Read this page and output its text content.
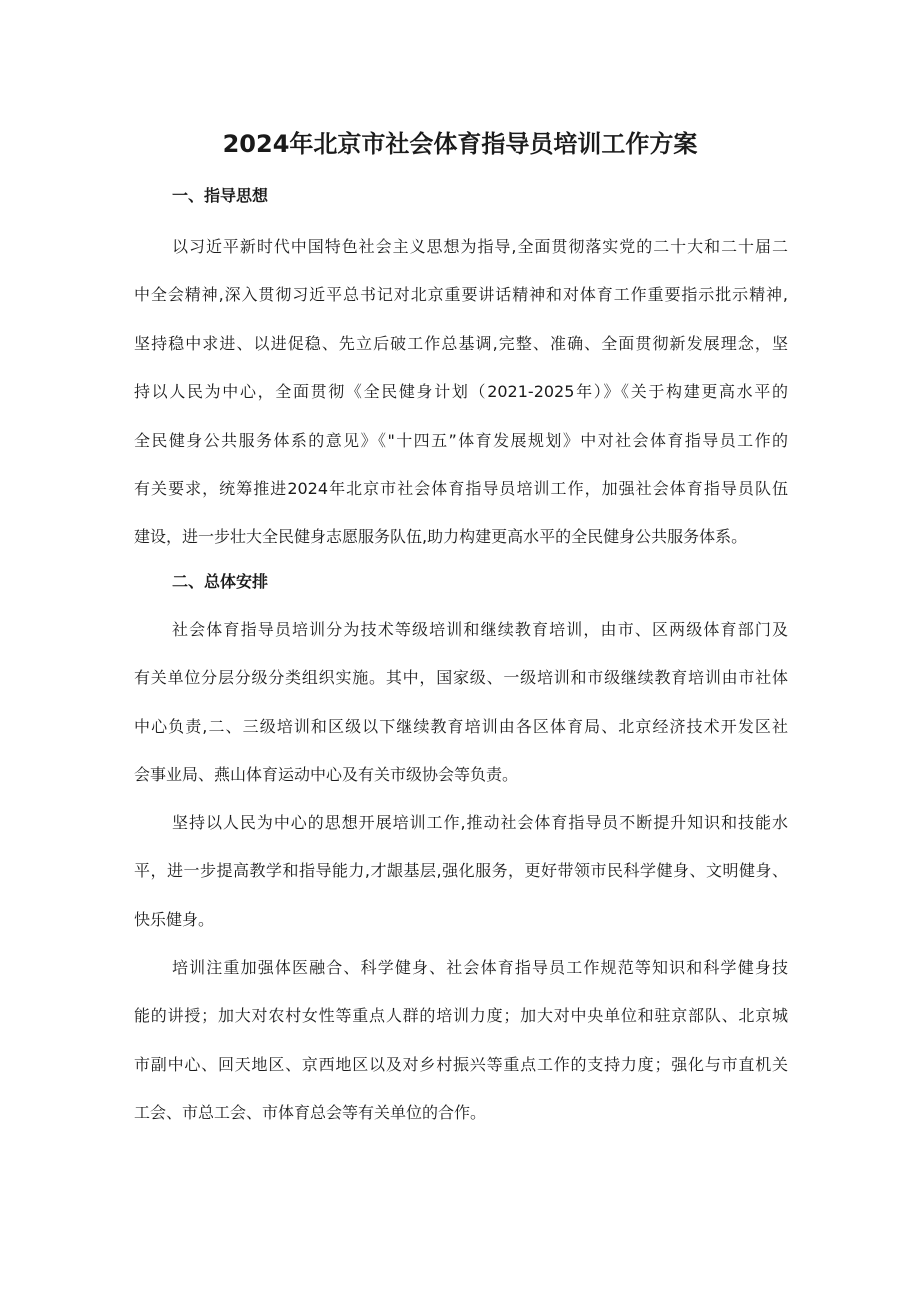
2024年北京市社会体育指导员培训工作方案
一、指导思想
以习近平新时代中国特色社会主义思想为指导,全面贯彻落实党的二十大和二十届二
中全会精神,深入贯彻习近平总书记对北京重要讲话精神和对体育工作重要指示批示精神,
坚持稳中求进、以进促稳、先立后破工作总基调,完整、准确、全面贯彻新发展理念，坚
持以人民为中心，全面贯彻《全民健身计划（2021-2025年）》《关于构建更高水平的
全民健身公共服务体系的意见》《"十四五”体育发展规划》中对社会体育指导员工作的
有关要求，统筹推进2024年北京市社会体育指导员培训工作，加强社会体育指导员队伍
建设，进一步壮大全民健身志愿服务队伍,助力构建更高水平的全民健身公共服务体系。
二、总体安排
社会体育指导员培训分为技术等级培训和继续教育培训，由市、区两级体育部门及
有关单位分层分级分类组织实施。其中，国家级、一级培训和市级继续教育培训由市社体
中心负责,二、三级培训和区级以下继续教育培训由各区体育局、北京经济技术开发区社
会事业局、燕山体育运动中心及有关市级协会等负责。
坚持以人民为中心的思想开展培训工作,推动社会体育指导员不断提升知识和技能水
平，进一步提高教学和指导能力,才龈基层,强化服务，更好带领市民科学健身、文明健身、
快乐健身。
培训注重加强体医融合、科学健身、社会体育指导员工作规范等知识和科学健身技
能的讲授；加大对农村女性等重点人群的培训力度；加大对中央单位和驻京部队、北京城
市副中心、回天地区、京西地区以及对乡村振兴等重点工作的支持力度；强化与市直机关
工会、市总工会、市体育总会等有关单位的合作。
